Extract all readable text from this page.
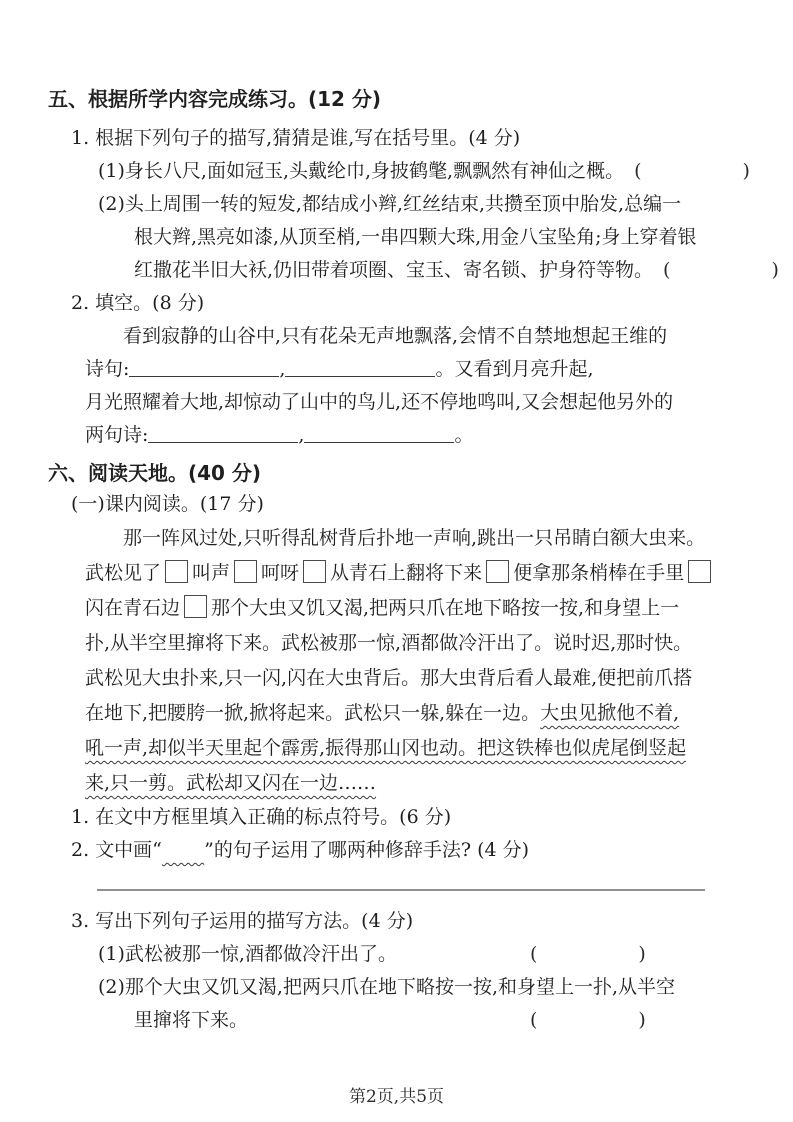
五、根据所学内容完成练习。(12 分)
1. 根据下列句子的描写,猜猜是谁,写在括号里。(4 分)
(1)身长八尺,面如冠玉,头戴纶巾,身披鹤氅,飘飘然有神仙之概。 (     )
(2)头上周围一转的短发,都结成小辫,红丝结束,共攒至顶中胎发,总编一
根大辫,黑亮如漆,从顶至梢,一串四颗大珠,用金八宝坠角;身上穿着银
红撒花半旧大袄,仍旧带着项圈、宝玉、寄名锁、护身符等物。 (     )
2. 填空。(8 分)
看到寂静的山谷中,只有花朵无声地飘落,会情不自禁地想起王维的
诗句:	,	。又看到月亮升起,
月光照耀着大地,却惊动了山中的鸟儿,还不停地鸣叫,又会想起他另外的
两句诗:	,	。
六、阅读天地。(40 分)
(一)课内阅读。(17 分)
那一阵风过处,只听得乱树背后扑地一声响,跳出一只吊睛白额大虫来。
武松见了 叫声 呵呀 从青石上翻将下来 便拿那条梢棒在手里
闪在青石边 那个大虫又饥又渴,把两只爪在地下略按一按,和身望上一
扑,从半空里撺将下来。武松被那一惊,酒都做冷汗出了。说时迟,那时快。
武松见大虫扑来,只一闪,闪在大虫背后。那大虫背后看人最难,便把前爪搭
在地下,把腰胯一掀,掀将起来。武松只一躲,躲在一边。大虫见掀他不着,
吼一声,却似半天里起个霹雳,振得那山冈也动。把这铁棒也似虎尾倒竖起
来,只一剪。武松却又闪在一边……
1. 在文中方框里填入正确的标点符号。(6 分)
2. 文中画“ ”的句子运用了哪两种修辞手法? (4 分)
3. 写出下列句子运用的描写方法。(4 分)
(1)武松被那一惊,酒都做冷汗出了。	(     )
(2)那个大虫又饥又渴,把两只爪在地下略按一按,和身望上一扑,从半空
里撺将下来。	(     )
第2页,共5页
